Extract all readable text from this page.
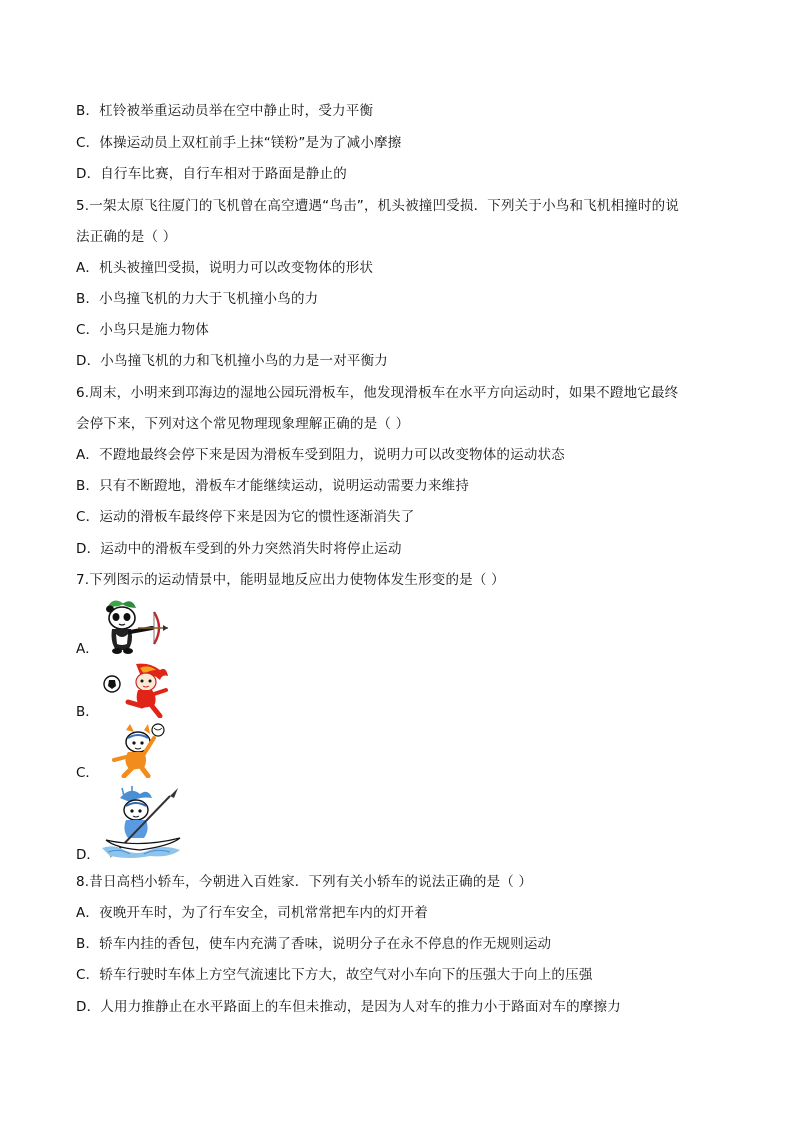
B．杠铃被举重运动员举在空中静止时，受力平衡
C．体操运动员上双杠前手上抹“镁粉”是为了减小摩擦
D．自行车比赛，自行车相对于路面是静止的
5.一架太原飞往厦门的飞机曾在高空遭遇“鸟击”，机头被撞凹受损．下列关于小鸟和飞机相撞时的说
法正确的是（ ）
A．机头被撞凹受损，说明力可以改变物体的形状
B．小鸟撞飞机的力大于飞机撞小鸟的力
C．小鸟只是施力物体
D．小鸟撞飞机的力和飞机撞小鸟的力是一对平衡力
6.周末，小明来到邛海边的湿地公园玩滑板车，他发现滑板车在水平方向运动时，如果不蹬地它最终
会停下来，下列对这个常见物理现象理解正确的是（ ）
A．不蹬地最终会停下来是因为滑板车受到阻力，说明力可以改变物体的运动状态
B．只有不断蹬地，滑板车才能继续运动，说明运动需要力来维持
C．运动的滑板车最终停下来是因为它的惯性逐渐消失了
D．运动中的滑板车受到的外力突然消失时将停止运动
7.下列图示的运动情景中，能明显地反应出力使物体发生形变的是（ ）
A．
B．
C．
D．
8.昔日高档小轿车，今朝进入百姓家．下列有关小轿车的说法正确的是（ ）
A．夜晚开车时，为了行车安全，司机常常把车内的灯开着
B．轿车内挂的香包，使车内充满了香味，说明分子在永不停息的作无规则运动
C．轿车行驶时车体上方空气流速比下方大，故空气对小车向下的压强大于向上的压强
D．人用力推静止在水平路面上的车但未推动，是因为人对车的推力小于路面对车的摩擦力
